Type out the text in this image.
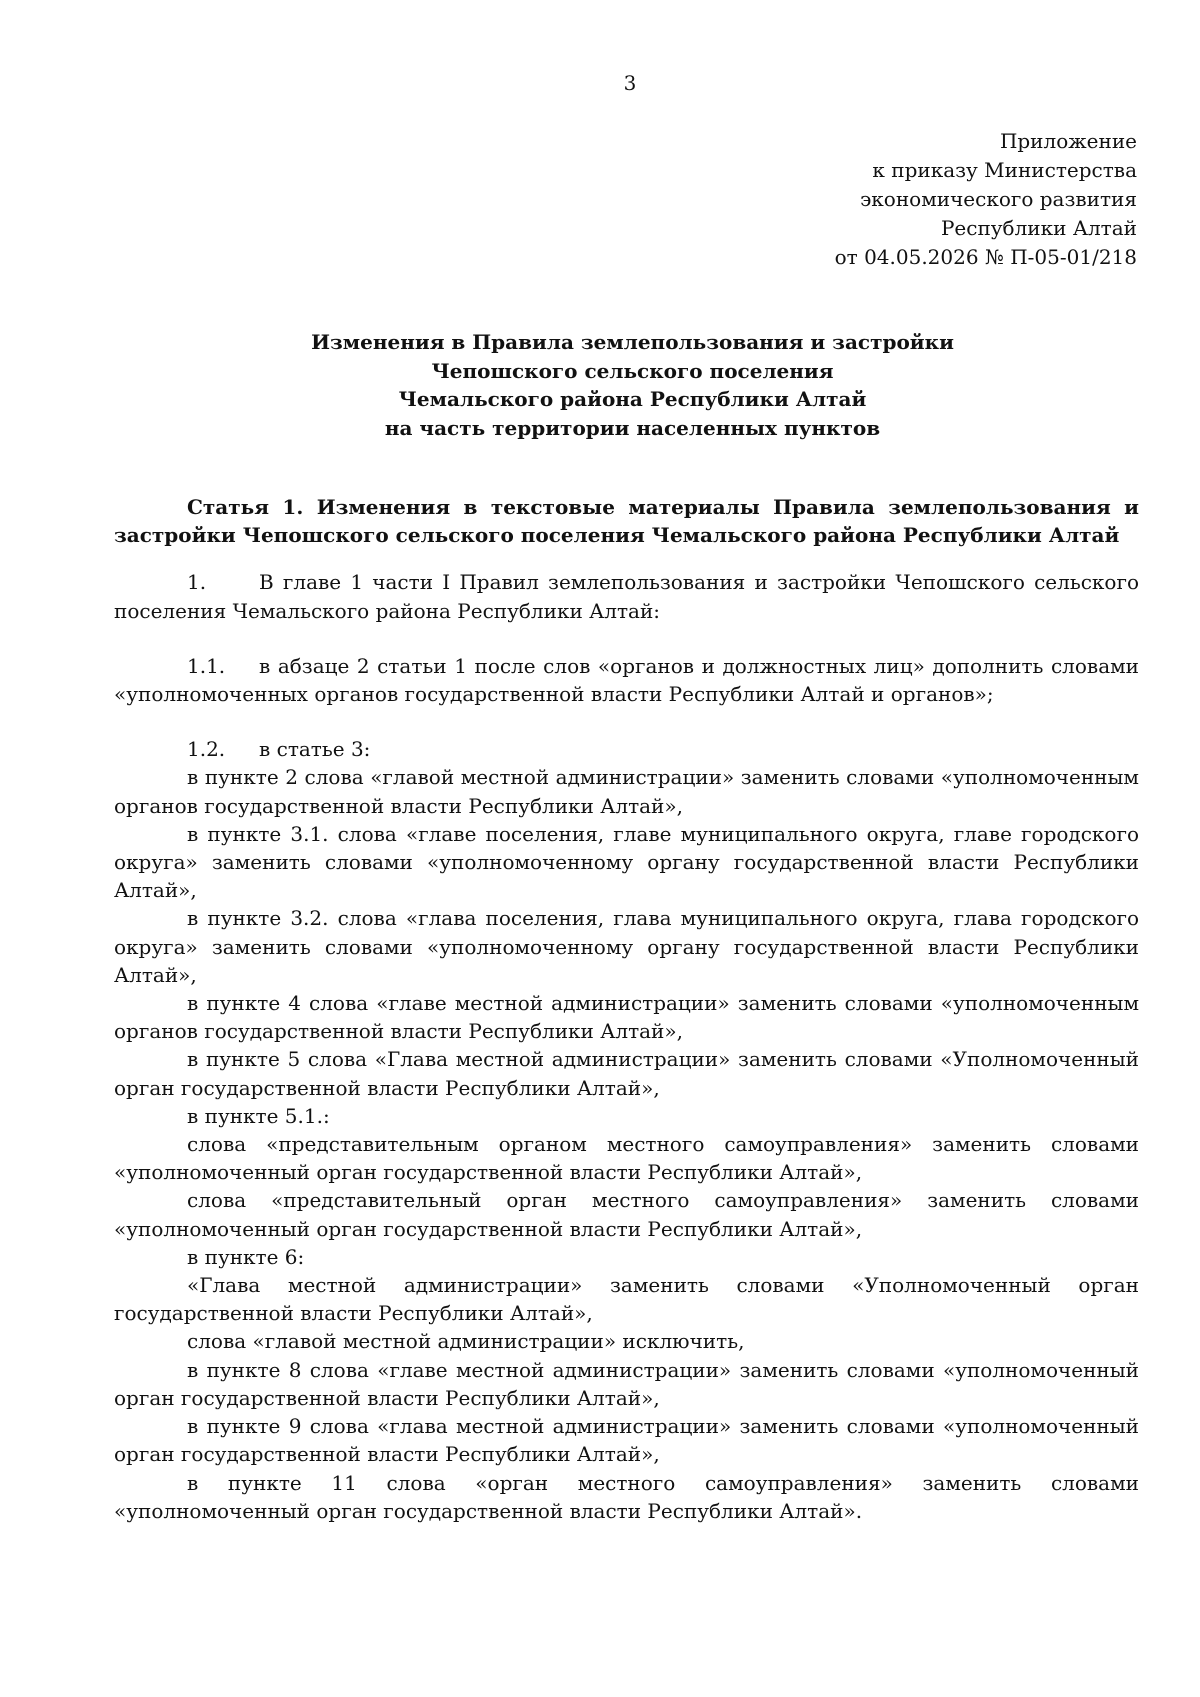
3
Приложение
к приказу Министерства
экономического развития
Республики Алтай
от 04.05.2026 № П-05-01/218
Изменения в Правила землепользования и застройки
Чепошского сельского поселения
Чемальского района Республики Алтай
на часть территории населенных пунктов

Статья 1. Изменения в текстовые материалы Правила землепользования и застройки Чепошского сельского поселения Чемальского района Республики Алтай

1.	В главе 1 части I Правил землепользования и застройки Чепошского сельского поселения Чемальского района Республики Алтай:

1.1. в абзаце 2 статьи 1 после слов «органов и должностных лиц» дополнить словами «уполномоченных органов государственной власти Республики Алтай и органов»;

1.2. в статье 3:

в пункте 2 слова «главой местной администрации» заменить словами «уполномоченным органов государственной власти Республики Алтай»,

в пункте 3.1. слова «главе поселения, главе муниципального округа, главе городского округа» заменить словами «уполномоченному органу государственной власти Республики Алтай»,

в пункте 3.2. слова «глава поселения, глава муниципального округа, глава городского округа» заменить словами «уполномоченному органу государственной власти Республики Алтай»,

в пункте 4 слова «главе местной администрации» заменить словами «уполномоченным органов государственной власти Республики Алтай»,

в пункте 5 слова «Глава местной администрации» заменить словами «Уполномоченный орган государственной власти Республики Алтай»,

в пункте 5.1.:

слова «представительным органом местного самоуправления» заменить словами «уполномоченный орган государственной власти Республики Алтай»,

слова «представительный орган местного самоуправления» заменить словами «уполномоченный орган государственной власти Республики Алтай»,

в пункте 6:

«Глава местной администрации» заменить словами «Уполномоченный орган государственной власти Республики Алтай»,

слова «главой местной администрации» исключить,

в пункте 8 слова «главе местной администрации» заменить словами «уполномоченный орган государственной власти Республики Алтай»,

в пункте 9 слова «глава местной администрации» заменить словами «уполномоченный орган государственной власти Республики Алтай»,

в пункте 11 слова «орган местного самоуправления» заменить словами «уполномоченный орган государственной власти Республики Алтай».
